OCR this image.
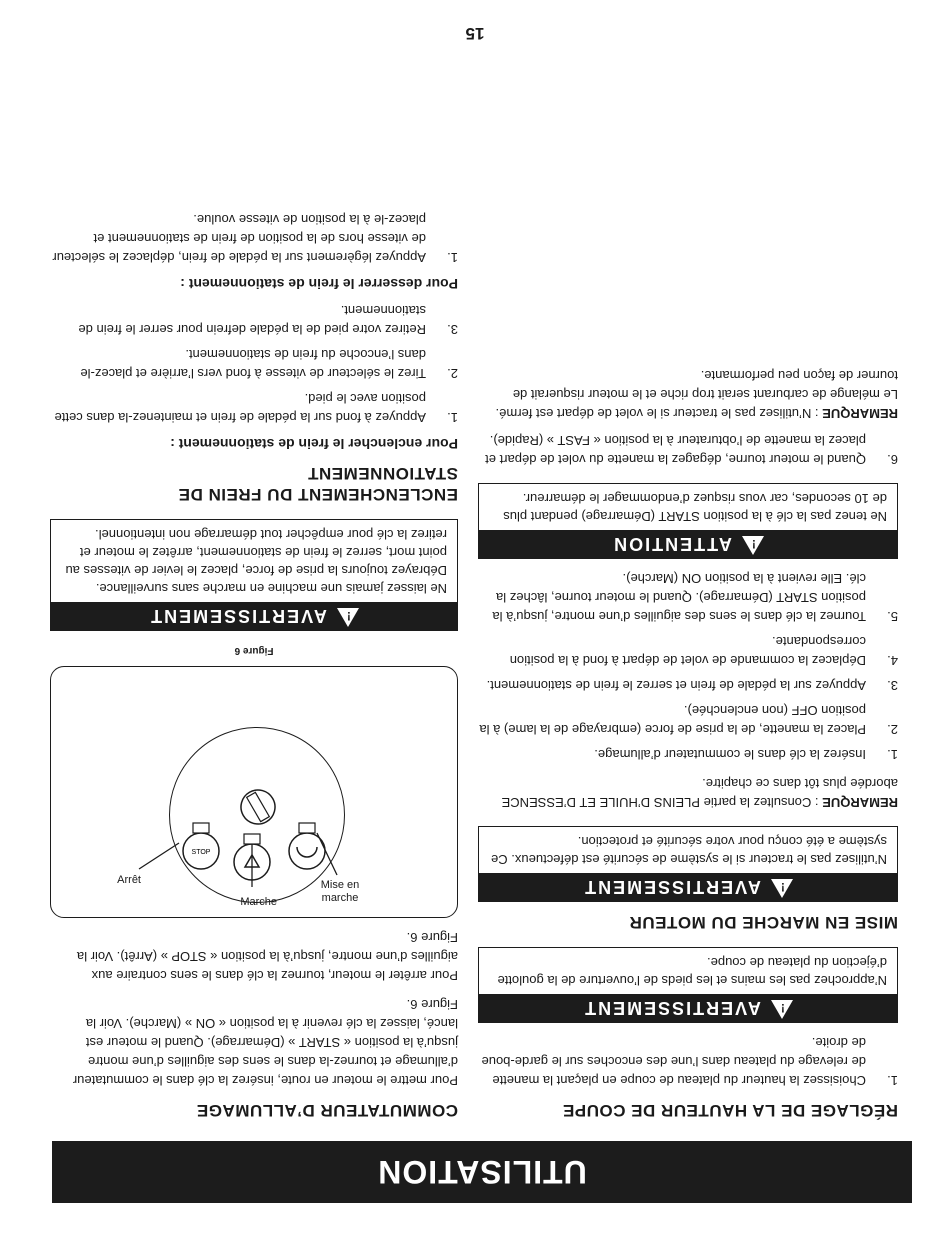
UTILISATION
RÉGLAGE DE LA HAUTEUR DE COUPE
1.
Choisissez la hauteur du plateau de coupe en plaçant la manette de relevage du plateau dans l’une des encoches sur le garde-boue de droite.
!AVERTISSEMENT
N’approchez pas les mains et les pieds de l’ouverture de la goulotte d’éjection du plateau de coupe.
MISE EN MARCHE DU MOTEUR
!AVERTISSEMENT
N’utilisez pas le tracteur si le système de sécurité est défectueux. Ce système a été conçu pour votre sécurité et protection.

REMARQUE : Consultez la partie PLEINS D’HUILE ET D’ESSENCE abordée plus tôt dans ce chapitre.

1.
Insérez la clé dans le commutateur d’allumage.
2.
Placez la manette, de la prise de force (embrayage de la lame) à la position OFF (non enclenchée).
3.
Appuyez sur la pédale de frein et serrez le frein de stationnement.
4.
Déplacez la commande de volet de départ à fond à la position correspondante.
5.
Tournez la clé dans le sens des aiguilles d’une montre, jusqu’à la position START (Démarrage). Quand le moteur tourne, lâchez la clé. Elle revient à la position ON (Marche).
!ATTENTION
Ne tenez pas la clé à la position START (Démarrage) pendant plus de 10 secondes, car vous risquez d’endommager le démarreur.
6.
Quand le moteur tourne, dégagez la manette du volet de départ et placez la manette de l’obturateur à la position « FAST » (Rapide).

REMARQUE : N’utilisez pas le tracteur si le volet de départ est fermé. Le mélange de carburant serait trop riche et le moteur risquerait de tourner de façon peu performante.

COMMUTATEUR D’ALLUMAGE

Pour mettre le moteur en route, insérez la clé dans le commutateur d’allumage et tournez-la dans le sens des aiguilles d’une montre jusqu’à la position « START » (Démarrage). Quand le moteur est lancé, laissez la clé revenir à la position « ON » (Marche). Voir la Figure 6.

Pour arrêter le moteur, tournez la clé dans le sens contraire aux aiguilles d’une montre, jusqu’à la position « STOP » (Arrêt). Voir la Figure 6.

STOP
Arrêt
Marche
Mise en marche
Figure 6
!AVERTISSEMENT
Ne laissez jamais une machine en marche sans surveillance. Débrayez toujours la prise de force, placez le levier de vitesses au point mort, serrez le frein de stationnement, arrêtez le moteur et retirez la clé pour empêcher tout démarrage non intentionnel.
ENCLENCHEMENT DU FREIN DE STATIONNEMENT
Pour enclencher le frein de stationnement :
1.
Appuyez à fond sur la pédale de frein et maintenez-la dans cette position avec le pied.
2.
Tirez le sélecteur de vitesse à fond vers l’arrière et placez-le dans l’encoche du frein de stationnement.
3.
Retirez votre pied de la pédale defrein pour serrer le frein de stationnement.
Pour desserrer le frein de stationnement :
1.
Appuyez légèrement sur la pédale de frein, déplacez le sélecteur de vitesse hors de la position de frein de stationnement et placez-le à la position de vitesse voulue.
15
